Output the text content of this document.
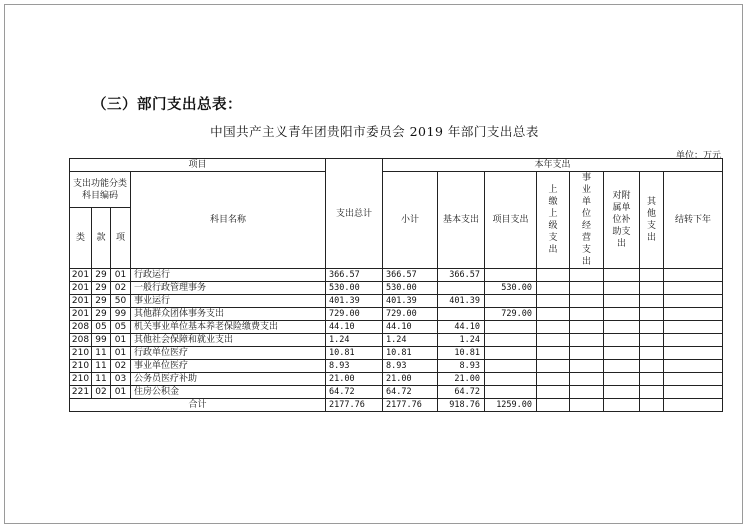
（三）部门支出总表：
中国共产主义青年团贵阳市委员会 2019 年部门支出总表
单位：万元
项目				支出总计	本年支出							
支出功能分类科目编码			科目名称		小计	基本支出	项目支出	上缴上级支出	事业单位经营支出	对附属单位补助支出	其他支出	结转下年
类	款	项										
201	29	01	行政运行	366.57	366.57	366.57						
201	29	02	一般行政管理事务	530.00	530.00		530.00					
201	29	50	事业运行	401.39	401.39	401.39						
201	29	99	其他群众团体事务支出	729.00	729.00		729.00					
208	05	05	机关事业单位基本养老保险缴费支出	44.10	44.10	44.10						
208	99	01	其他社会保障和就业支出	1.24	1.24	1.24						
210	11	01	行政单位医疗	10.81	10.81	10.81						
210	11	02	事业单位医疗	8.93	8.93	8.93						
210	11	03	公务员医疗补助	21.00	21.00	21.00						
221	02	01	住房公积金	64.72	64.72	64.72						
合计				2177.76	2177.76	918.76	1259.00					
